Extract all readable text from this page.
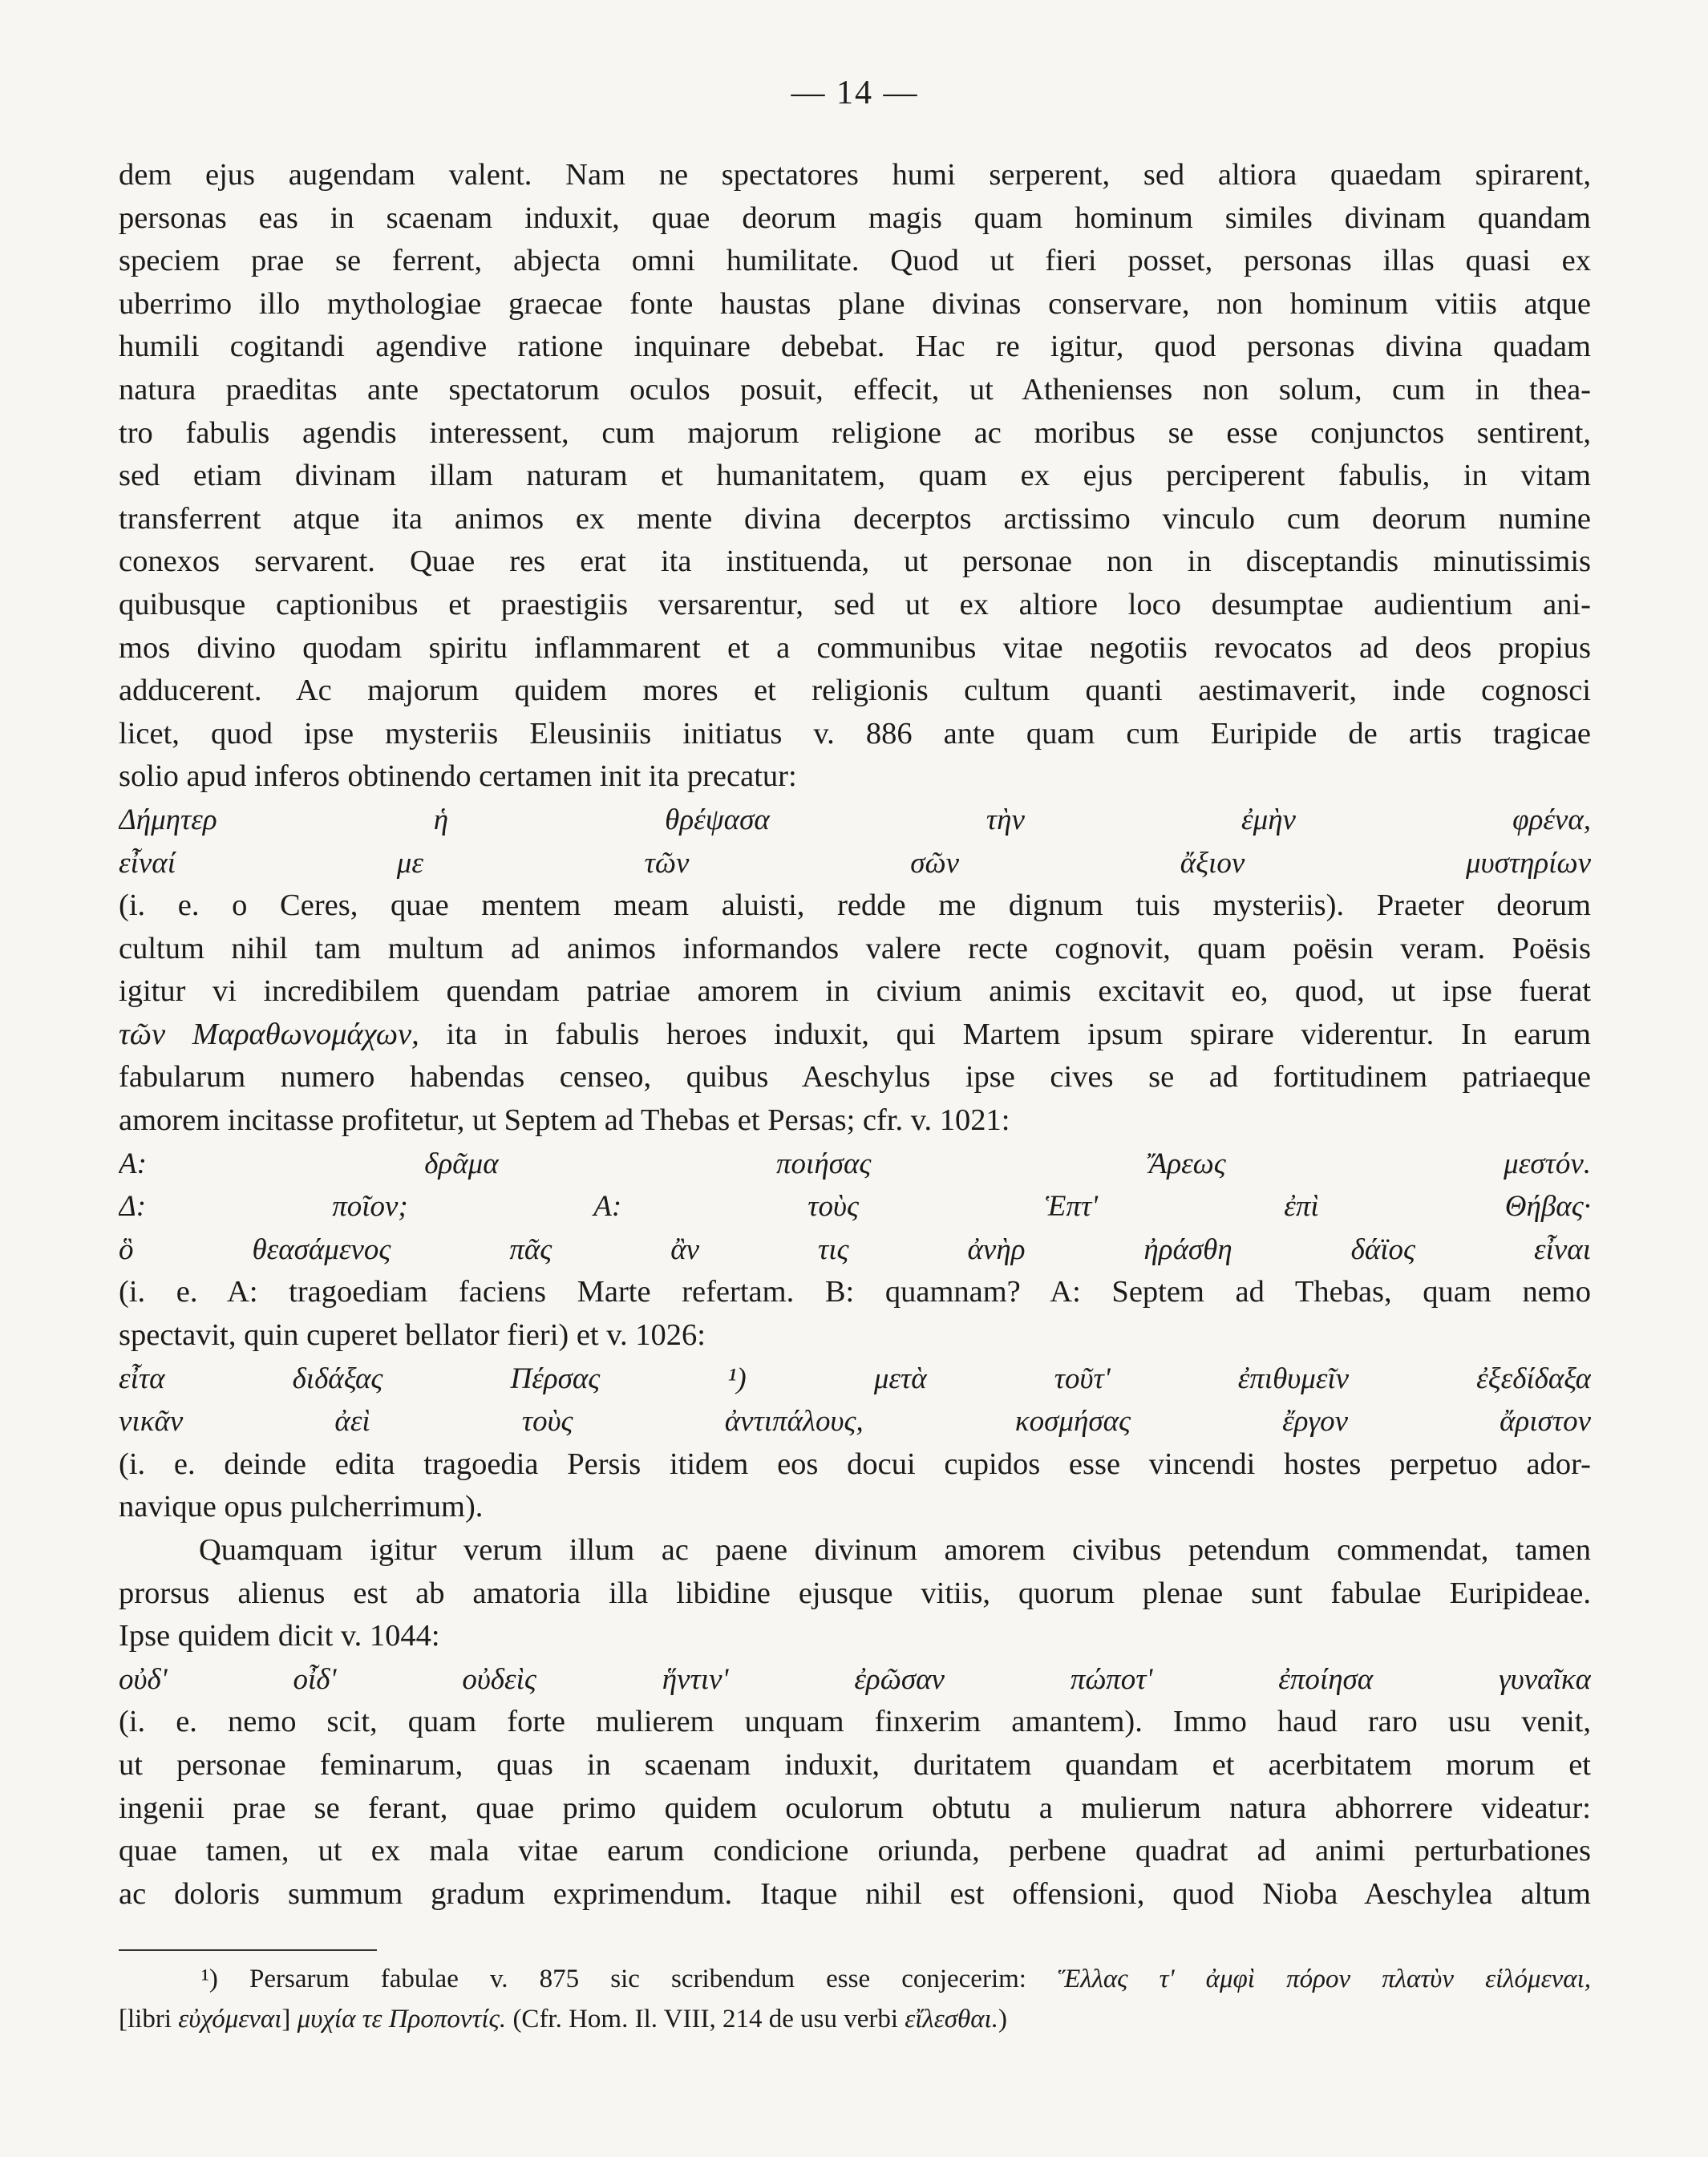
— 14 —
dem ejus augendam valent. Nam ne spectatores humi serperent, sed altiora quaedam spirarent,
personas eas in scaenam induxit, quae deorum magis quam hominum similes divinam quandam
speciem prae se ferrent, abjecta omni humilitate. Quod ut fieri posset, personas illas quasi ex
uberrimo illo mythologiae graecae fonte haustas plane divinas conservare, non hominum vitiis atque
humili cogitandi agendive ratione inquinare debebat. Hac re igitur, quod personas divina quadam
natura praeditas ante spectatorum oculos posuit, effecit, ut Athenienses non solum, cum in thea-
tro fabulis agendis interessent, cum majorum religione ac moribus se esse conjunctos sentirent,
sed etiam divinam illam naturam et humanitatem, quam ex ejus perciperent fabulis, in vitam
transferrent atque ita animos ex mente divina decerptos arctissimo vinculo cum deorum numine
conexos servarent. Quae res erat ita instituenda, ut personae non in disceptandis minutissimis
quibusque captionibus et praestigiis versarentur, sed ut ex altiore loco desumptae audientium ani-
mos divino quodam spiritu inflammarent et a communibus vitae negotiis revocatos ad deos propius
adducerent. Ac majorum quidem mores et religionis cultum quanti aestimaverit, inde cognosci
licet, quod ipse mysteriis Eleusiniis initiatus v. 886 ante quam cum Euripide de artis tragicae
solio apud inferos obtinendo certamen init ita precatur:
Δήμητερ ἡ θρέψασα τὴν ἐμὴν φρένα,
εἶναί με τῶν σῶν ἄξιον μυστηρίων
(i. e. o Ceres, quae mentem meam aluisti, redde me dignum tuis mysteriis). Praeter deorum
cultum nihil tam multum ad animos informandos valere recte cognovit, quam poësin veram. Poësis
igitur vi incredibilem quendam patriae amorem in civium animis excitavit eo, quod, ut ipse fuerat
τῶν Μαραθωνομάχων, ita in fabulis heroes induxit, qui Martem ipsum spirare viderentur. In earum
fabularum numero habendas censeo, quibus Aeschylus ipse cives se ad fortitudinem patriaeque
amorem incitasse profitetur, ut Septem ad Thebas et Persas; cfr. v. 1021:
Α: δρᾶμα ποιήσας Ἄρεως μεστόν.
Δ: ποῖον; Α: τοὺς Ἑπτ' ἐπὶ Θήβας·
ὃ θεασάμενος πᾶς ἂν τις ἀνὴρ ἠράσθη δάϊος εἶναι
(i. e. A: tragoediam faciens Marte refertam. B: quamnam? A: Septem ad Thebas, quam nemo
spectavit, quin cuperet bellator fieri) et v. 1026:
εἶτα διδάξας Πέρσας ¹) μετὰ τοῦτ' ἐπιθυμεῖν ἐξεδίδαξα
νικᾶν ἀεὶ τοὺς ἀντιπάλους, κοσμήσας ἔργον ἄριστον
(i. e. deinde edita tragoedia Persis itidem eos docui cupidos esse vincendi hostes perpetuo ador-
navique opus pulcherrimum).
Quamquam igitur verum illum ac paene divinum amorem civibus petendum commendat, tamen
prorsus alienus est ab amatoria illa libidine ejusque vitiis, quorum plenae sunt fabulae Euripideae.
Ipse quidem dicit v. 1044:
οὐδ' οἶδ' οὐδεὶς ἥντιν' ἐρῶσαν πώποτ' ἐποίησα γυναῖκα
(i. e. nemo scit, quam forte mulierem unquam finxerim amantem). Immo haud raro usu venit,
ut personae feminarum, quas in scaenam induxit, duritatem quandam et acerbitatem morum et
ingenii prae se ferant, quae primo quidem oculorum obtutu a mulierum natura abhorrere videatur:
quae tamen, ut ex mala vitae earum condicione oriunda, perbene quadrat ad animi perturbationes
ac doloris summum gradum exprimendum. Itaque nihil est offensioni, quod Nioba Aeschylea altum
¹) Persarum fabulae v. 875 sic scribendum esse conjecerim: Ἕλλας τ' ἀμφὶ πόρον πλατὺν εἱλόμεναι,
[libri εὐχόμεναι] μυχία τε Προποντίς. (Cfr. Hom. Il. VIII, 214 de usu verbi εἴλεσθαι.)
